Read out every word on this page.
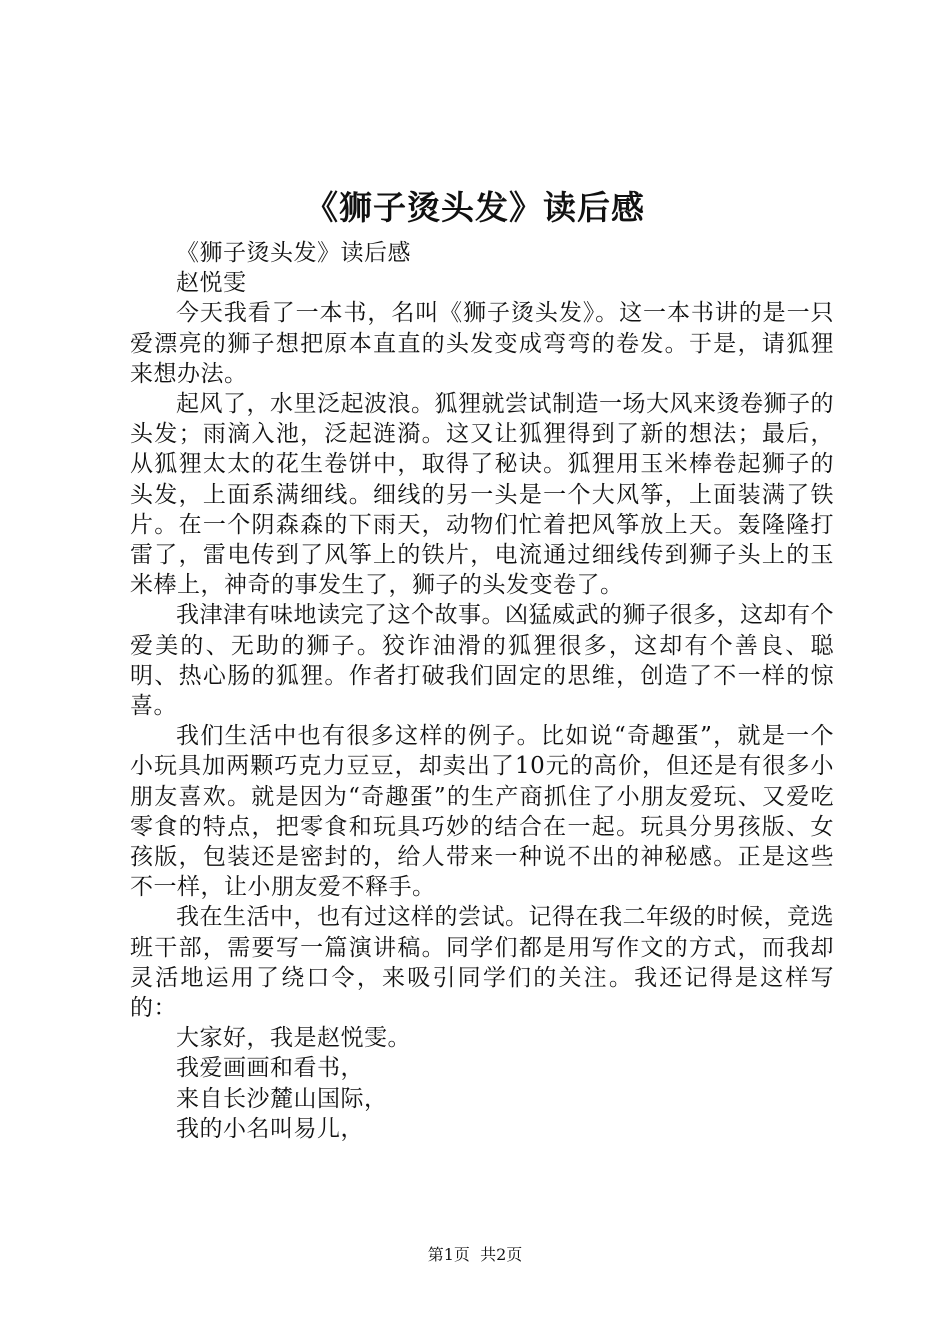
《狮子烫头发》读后感

《狮子烫头发》读后感

赵悦雯

今天我看了一本书，名叫《狮子烫头发》。这一本书讲的是一只爱漂亮的狮子想把原本直直的头发变成弯弯的卷发。于是，请狐狸来想办法。

起风了，水里泛起波浪。狐狸就尝试制造一场大风来烫卷狮子的头发；雨滴入池，泛起涟漪。这又让狐狸得到了新的想法；最后，从狐狸太太的花生卷饼中，取得了秘诀。狐狸用玉米棒卷起狮子的头发，上面系满细线。细线的另一头是一个大风筝，上面装满了铁片。在一个阴森森的下雨天，动物们忙着把风筝放上天。轰隆隆打雷了，雷电传到了风筝上的铁片，电流通过细线传到狮子头上的玉米棒上，神奇的事发生了，狮子的头发变卷了。

我津津有味地读完了这个故事。凶猛威武的狮子很多，这却有个爱美的、无助的狮子。狡诈油滑的狐狸很多，这却有个善良、聪明、热心肠的狐狸。作者打破我们固定的思维，创造了不一样的惊喜。

我们生活中也有很多这样的例子。比如说“奇趣蛋”，就是一个小玩具加两颗巧克力豆豆，却卖出了10元的高价，但还是有很多小朋友喜欢。就是因为“奇趣蛋”的生产商抓住了小朋友爱玩、又爱吃零食的特点，把零食和玩具巧妙的结合在一起。玩具分男孩版、女孩版，包装还是密封的，给人带来一种说不出的神秘感。正是这些不一样，让小朋友爱不释手。

我在生活中，也有过这样的尝试。记得在我二年级的时候，竞选班干部，需要写一篇演讲稿。同学们都是用写作文的方式，而我却灵活地运用了绕口令，来吸引同学们的关注。我还记得是这样写的：

大家好，我是赵悦雯。

我爱画画和看书，

来自长沙麓山国际，

我的小名叫易儿，

第1页 共2页
